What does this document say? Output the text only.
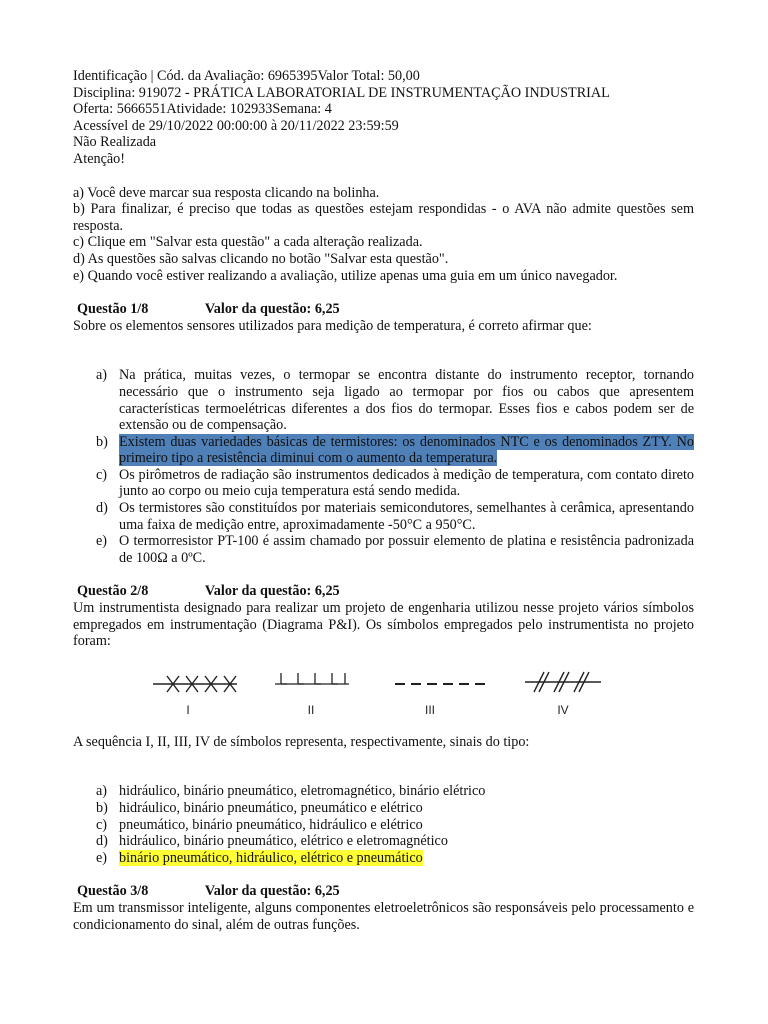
Identificação | Cód. da Avaliação: 6965395Valor Total: 50,00
Disciplina: 919072 - PRÁTICA LABORATORIAL DE INSTRUMENTAÇÃO INDUSTRIAL
Oferta: 5666551Atividade: 102933Semana: 4
Acessível de 29/10/2022 00:00:00 à 20/11/2022 23:59:59
Não Realizada
Atenção!
a) Você deve marcar sua resposta clicando na bolinha.
b) Para finalizar, é preciso que todas as questões estejam respondidas - o AVA não admite questões sem resposta.
c) Clique em "Salvar esta questão" a cada alteração realizada.
d) As questões são salvas clicando no botão "Salvar esta questão".
e) Quando você estiver realizando a avaliação, utilize apenas uma guia em um único navegador.
Questão 1/8	Valor da questão: 6,25
Sobre os elementos sensores utilizados para medição de temperatura, é correto afirmar que:
a) Na prática, muitas vezes, o termopar se encontra distante do instrumento receptor, tornando necessário que o instrumento seja ligado ao termopar por fios ou cabos que apresentem características termoelétricas diferentes a dos fios do termopar. Esses fios e cabos podem ser de extensão ou de compensação.
b) Existem duas variedades básicas de termistores: os denominados NTC e os denominados ZTY. No primeiro tipo a resistência diminui com o aumento da temperatura.
c) Os pirômetros de radiação são instrumentos dedicados à medição de temperatura, com contato direto junto ao corpo ou meio cuja temperatura está sendo medida.
d) Os termistores são constituídos por materiais semicondutores, semelhantes à cerâmica, apresentando uma faixa de medição entre, aproximadamente -50°C a 950°C.
e) O termorresistor PT-100 é assim chamado por possuir elemento de platina e resistência padronizada de 100Ω a 0ºC.
Questão 2/8	Valor da questão: 6,25
Um instrumentista designado para realizar um projeto de engenharia utilizou nesse projeto vários símbolos empregados em instrumentação (Diagrama P&I). Os símbolos empregados pelo instrumentista no projeto foram:
I	II	III	IV
A sequência I, II, III, IV de símbolos representa, respectivamente, sinais do tipo:
a) hidráulico, binário pneumático, eletromagnético, binário elétrico
b) hidráulico, binário pneumático, pneumático e elétrico
c) pneumático, binário pneumático, hidráulico e elétrico
d) hidráulico, binário pneumático, elétrico e eletromagnético
e) binário pneumático, hidráulico, elétrico e pneumático
Questão 3/8	Valor da questão: 6,25
Em um transmissor inteligente, alguns componentes eletroeletrônicos são responsáveis pelo processamento e condicionamento do sinal, além de outras funções.
